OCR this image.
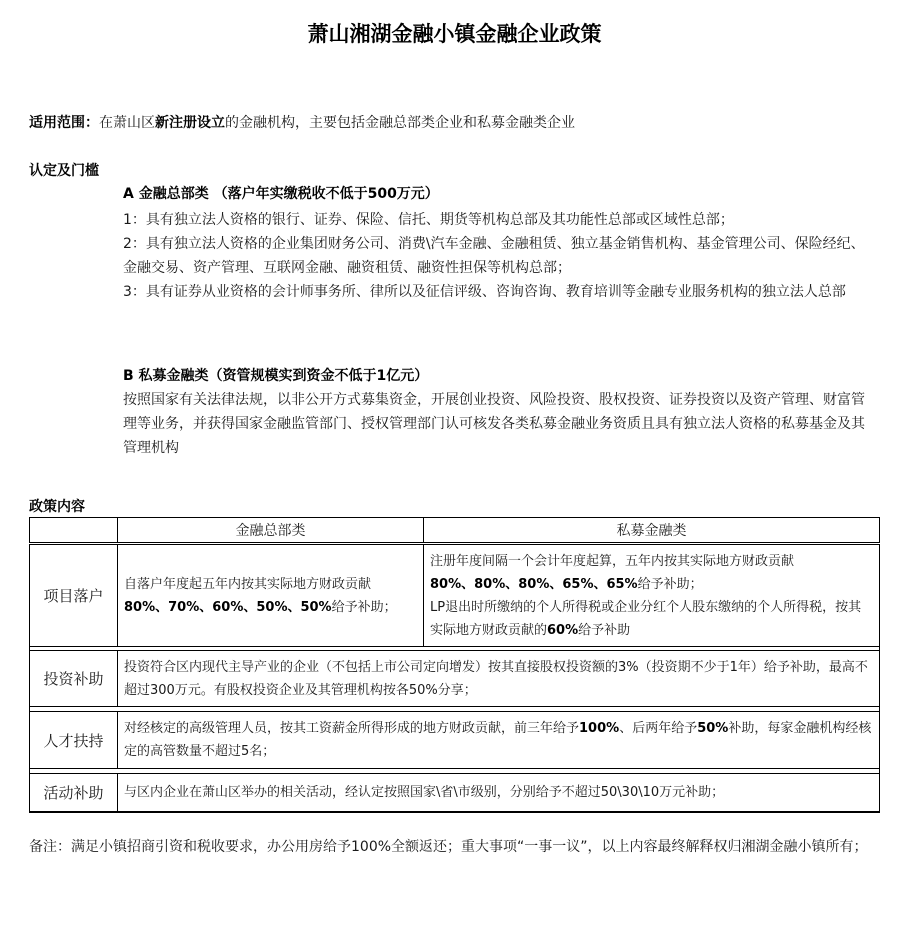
萧山湘湖金融小镇金融企业政策
适用范围：在萧山区新注册设立的金融机构，主要包括金融总部类企业和私募金融类企业
认定及门槛
A 金融总部类 （落户年实缴税收不低于500万元）

1：具有独立法人资格的银行、证券、保险、信托、期货等机构总部及其功能性总部或区域性总部；

2：具有独立法人资格的企业集团财务公司、消费\汽车金融、金融租赁、独立基金销售机构、基金管理公司、保险经纪、金融交易、资产管理、互联网金融、融资租赁、融资性担保等机构总部；

3：具有证券从业资格的会计师事务所、律所以及征信评级、咨询咨询、教育培训等金融专业服务机构的独立法人总部

B 私募金融类（资管规模实到资金不低于1亿元）

按照国家有关法律法规，以非公开方式募集资金，开展创业投资、风险投资、股权投资、证券投资以及资产管理、财富管理等业务，并获得国家金融监管部门、授权管理部门认可核发各类私募金融业务资质且具有独立法人资格的私募基金及其管理机构

政策内容
	金融总部类	私募金融类
项目落户	自落户年度起五年内按其实际地方财政贡献
80%、70%、60%、50%、50%给予补助；	注册年度间隔一个会计年度起算，五年内按其实际地方财政贡献
80%、80%、80%、65%、65%给予补助；
LP退出时所缴纳的个人所得税或企业分红个人股东缴纳的个人所得税，按其实际地方财政贡献的60%给予补助

投资补助	投资符合区内现代主导产业的企业（不包括上市公司定向增发）按其直接股权投资额的3%（投资期不少于1年）给予补助，最高不超过300万元。有股权投资企业及其管理机构按各50%分享；	

人才扶持	对经核定的高级管理人员，按其工资薪金所得形成的地方财政贡献，前三年给予100%、后两年给予50%补助，每家金融机构经核定的高管数量不超过5名；	

活动补助	与区内企业在萧山区举办的相关活动，经认定按照国家\省\市级别，分别给予不超过50\30\10万元补助；	
备注：满足小镇招商引资和税收要求，办公用房给予100%全额返还；重大事项“一事一议”，以上内容最终解释权归湘湖金融小镇所有；
